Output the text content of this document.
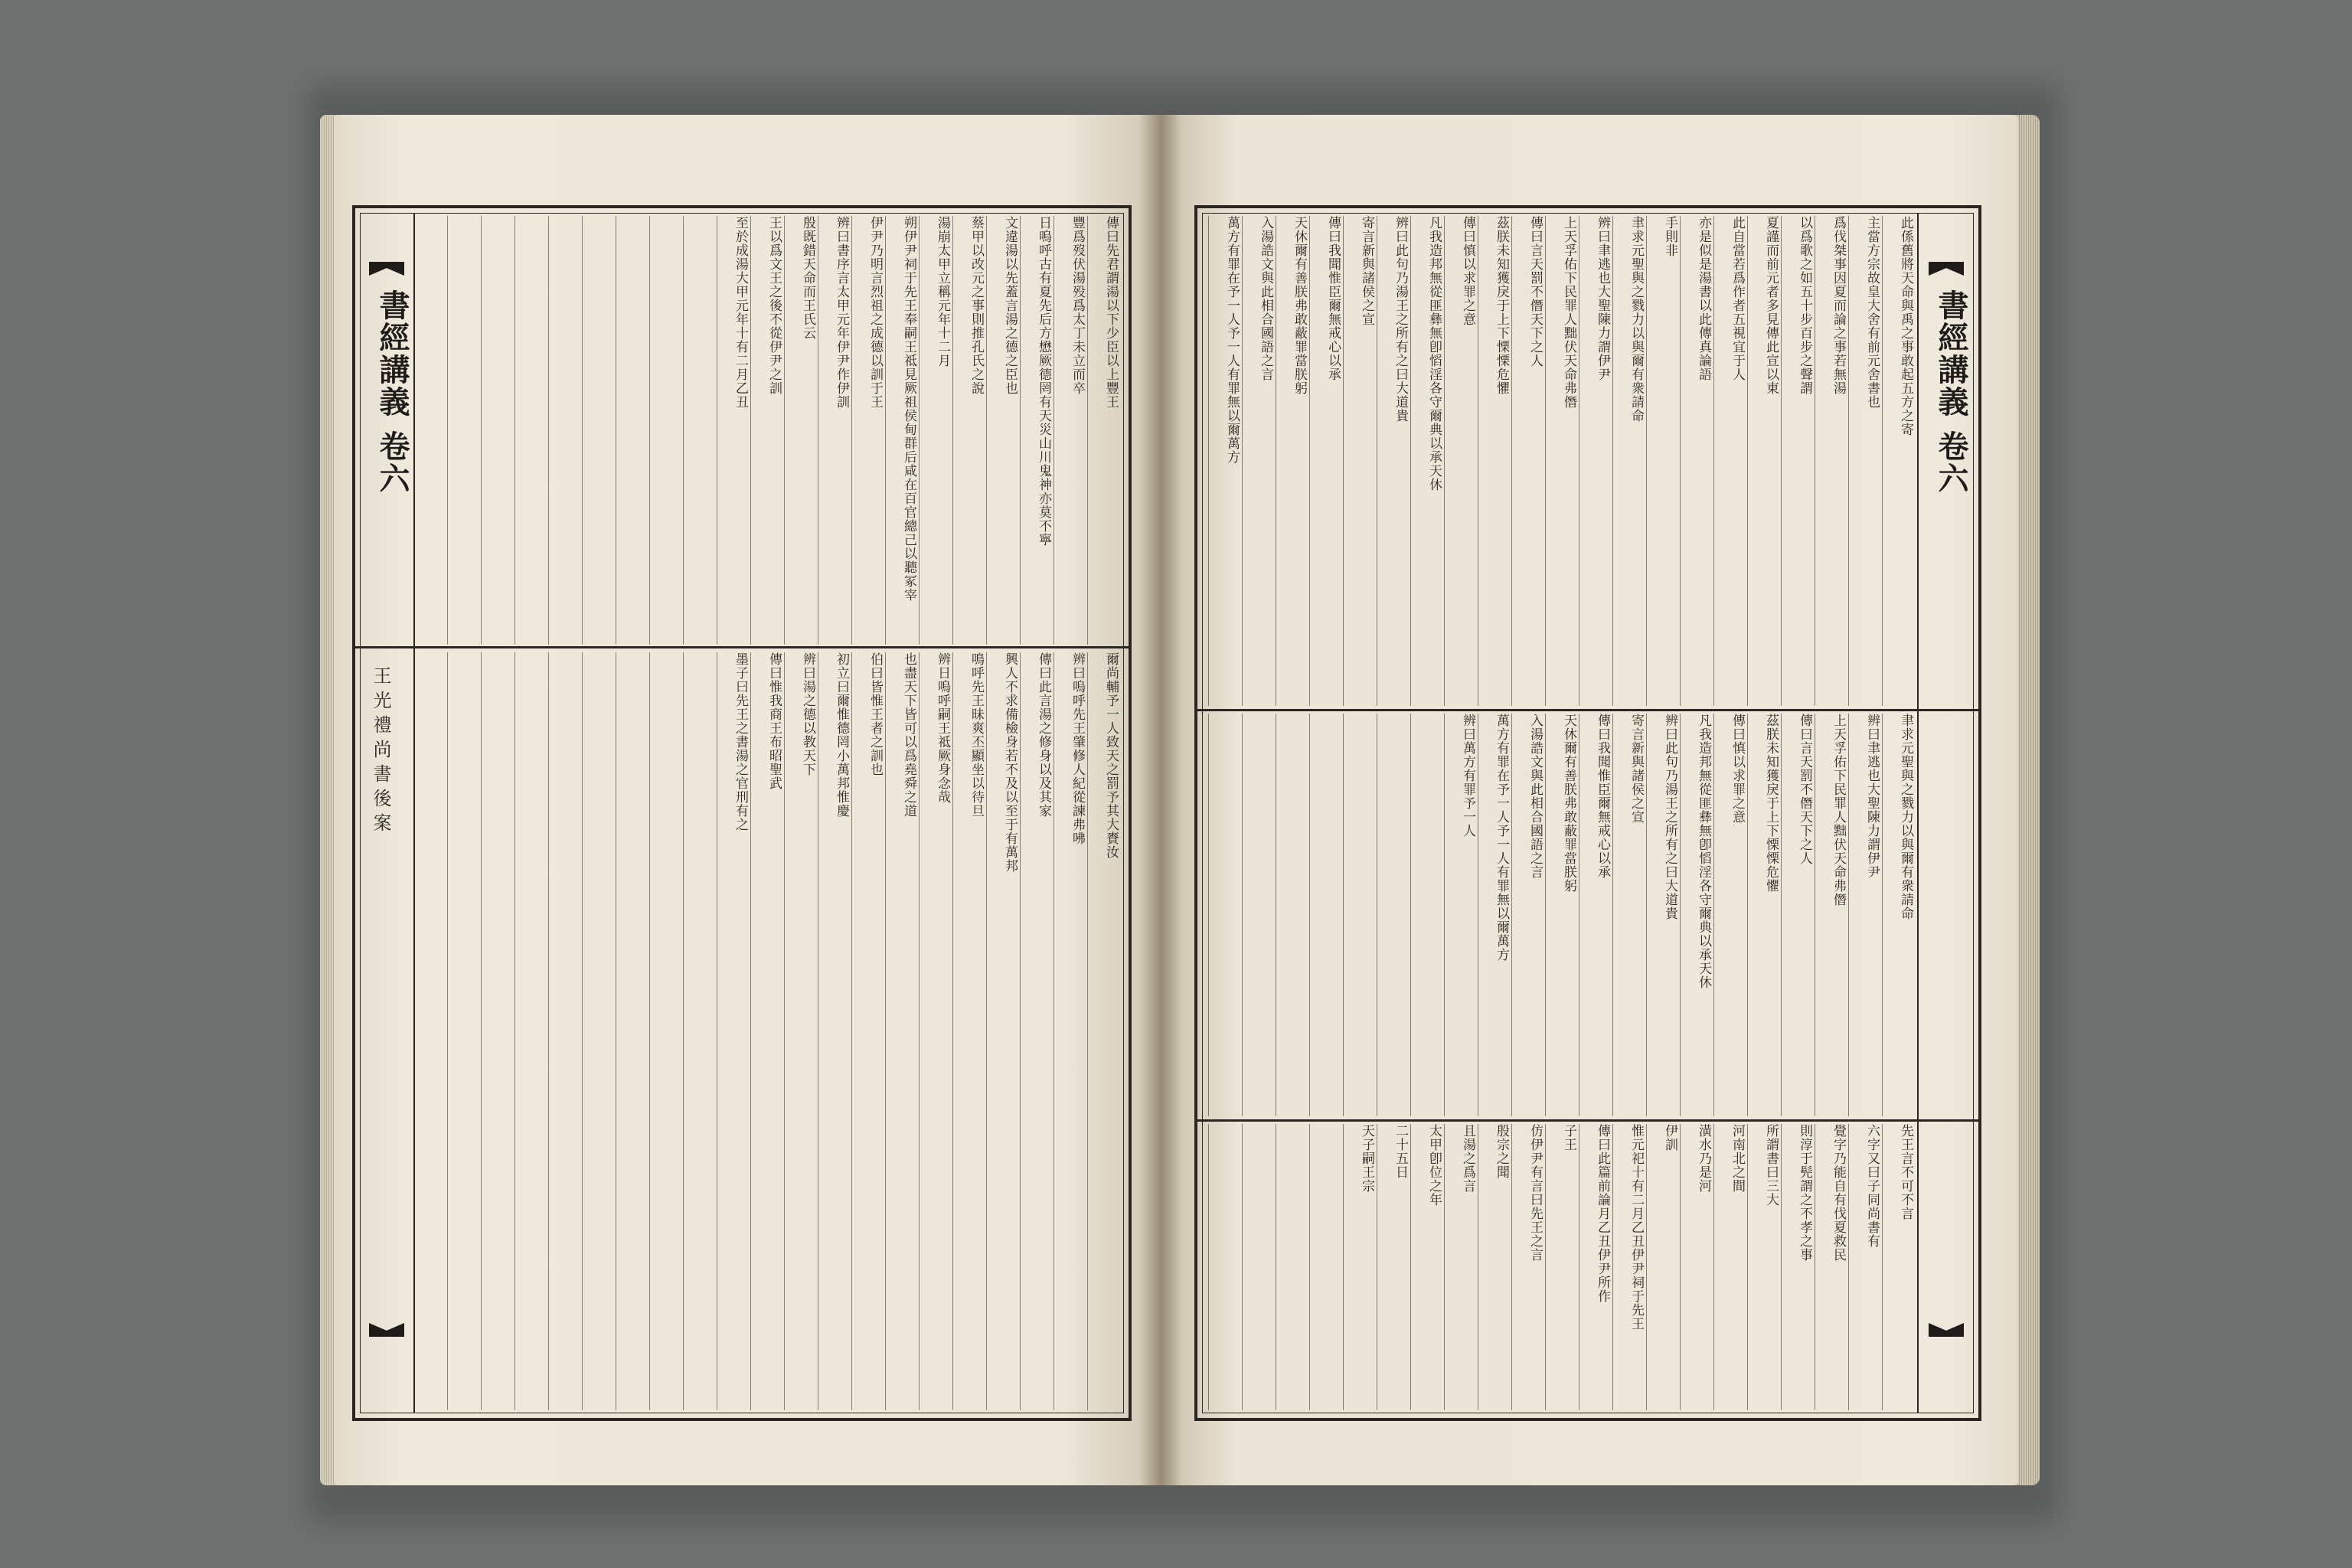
書經講義 卷六	傳曰先君謂湯以下少臣以上豐王
豐爲歿伏湯殁爲太丁未立而卒
日嗚呼古有夏先后方懋厥德罔有天災山川鬼神亦莫不寧
文違湯以先蓋言湯之德之臣也
蔡甲以改元之事則推孔氏之說
湯崩太甲立稱元年十二月
朔伊尹祠于先王奉嗣王祗見厥祖侯甸群后咸在百官總己以聽冢宰
伊尹乃明言烈祖之成德以訓于王
辨曰書序言太甲元年伊尹作伊訓
殷既錯天命而王氏云
王以爲文王之後不從伊尹之訓
至於成湯大甲元年十有二月乙丑
爾尚輔予一人致天之罰予其大賚汝
辨曰嗚呼先王肇修人紀從諫弗咈
傳曰此言湯之修身以及其家
興人不求備檢身若不及以至于有萬邦
鳴呼先王昧爽丕顯坐以待旦
辨日嗚呼嗣王祗厥身念哉
也盡天下皆可以爲堯舜之道
伯曰皆惟王者之訓也
初立曰爾惟德罔小萬邦惟慶
辨曰湯之德以教天下
傳曰惟我商王布昭聖武
墨子曰先王之書湯之官刑有之
王光禮尚書後案
書經講義 卷六
此係舊將天命與禹之事敢起五方之寄
主當方宗故皇大舍有前元舍書也
爲伐桀事因夏而論之事若無湯
以爲歌之如五十步百步之聲謂
夏謹而前元者多見傳此宣以東
此自當若爲作者五視宜于人
亦是似是湯書以此傳真論語
手則非
聿求元聖與之戮力以與爾有衆請命
辨曰聿逃也大聖陳力謂伊尹
上天孚佑下民罪人黜伏天命弗僭
傳曰言天罰不僭天下之人
茲朕未知獲戾于上下慄慄危懼
傳曰慎以求罪之意
凡我造邦無從匪彝無卽慆淫各守爾典以承天休
辨曰此句乃湯王之所有之曰大道貴
寄言新與諸侯之宣
傳曰我聞惟臣爾無戒心以承
天休爾有善朕弗敢蔽罪當朕躬
入湯誥文與此相合國語之言
萬方有罪在予一人予一人有罪無以爾萬方
先王言不可不言
六字又曰子同尚書有
覺字乃能自有伐夏救民
則淳于髡謂之不孝之事
所謂書曰三大
河南北之間
潢水乃是河
伊訓
惟元祀十有二月乙丑伊尹祠于先王
傳曰此篇前論月乙丑伊尹所作
子王
仿伊尹有言曰先王之言
殷宗之聞
且湯之爲言
太甲卽位之年
二十五日
天子嗣王宗
聿求元聖與之戮力以與爾有衆請命
辨曰聿逃也大聖陳力謂伊尹
上天孚佑下民罪人黜伏天命弗僭
傳曰言天罰不僭天下之人
茲朕未知獲戾于上下慄慄危懼
傳曰慎以求罪之意
凡我造邦無從匪彝無卽慆淫各守爾典以承天休
辨曰此句乃湯王之所有之曰大道貴
寄言新與諸侯之宣
傳曰我聞惟臣爾無戒心以承
天休爾有善朕弗敢蔽罪當朕躬
入湯誥文與此相合國語之言
萬方有罪在予一人予一人有罪無以爾萬方
辨曰萬方有罪予一人
